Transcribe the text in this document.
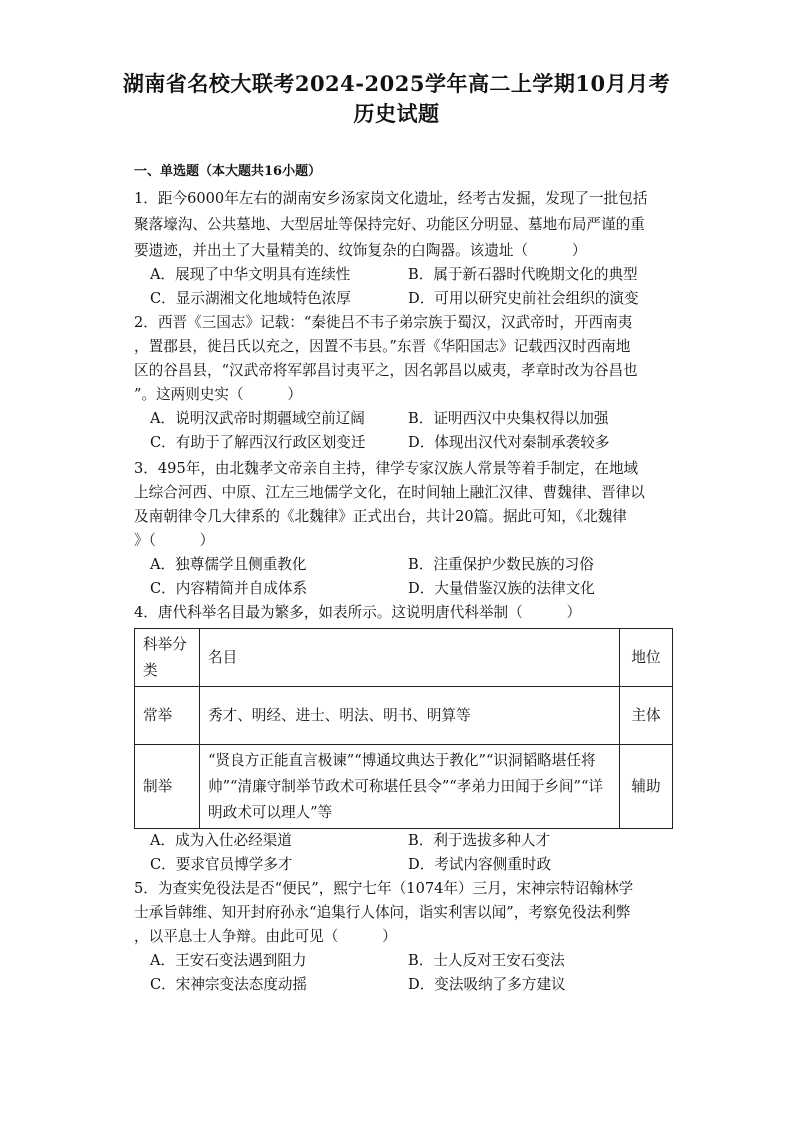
湖南省名校大联考2024-2025学年高二上学期10月月考
历史试题
一、单选题（本大题共16小题）
1．距今6000年左右的湖南安乡汤家岗文化遗址，经考古发掘，发现了一批包括
聚落壕沟、公共墓地、大型居址等保持完好、功能区分明显、墓地布局严谨的重
要遗迹，并出土了大量精美的、纹饰复杂的白陶器。该遗址（　　　）
A．展现了中华文明具有连续性	B．属于新石器时代晚期文化的典型
C．显示湖湘文化地域特色浓厚	D．可用以研究史前社会组织的演变
2．西晋《三国志》记载：“秦徙吕不韦子弟宗族于蜀汉，汉武帝时，开西南夷
，置郡县，徙吕氏以充之，因置不韦县。”东晋《华阳国志》记载西汉时西南地
区的谷昌县，“汉武帝将军郭昌讨夷平之，因名郭昌以威夷，孝章时改为谷昌也
”。这两则史实（　　　）
A．说明汉武帝时期疆域空前辽阔	B．证明西汉中央集权得以加强
C．有助于了解西汉行政区划变迁	D．体现出汉代对秦制承袭较多
3．495年，由北魏孝文帝亲自主持，律学专家汉族人常景等着手制定，在地域
上综合河西、中原、江左三地儒学文化，在时间轴上融汇汉律、曹魏律、晋律以
及南朝律令几大律系的《北魏律》正式出台，共计20篇。据此可知，《北魏律
》（　　　）
A．独尊儒学且侧重教化	B．注重保护少数民族的习俗
C．内容精简并自成体系	D．大量借鉴汉族的法律文化
4．唐代科举名目最为繁多，如表所示。这说明唐代科举制（　　　）
科举分类	名目	地位
常举	秀才、明经、进士、明法、明书、明算等	主体
制举	“贤良方正能直言极谏”“博通坟典达于教化”“识洞韬略堪任将帅”“清廉守制举节政术可称堪任县令”“孝弟力田闻于乡间”“详明政术可以理人”等	辅助
A．成为入仕必经渠道	B．利于选拔多种人才
C．要求官员博学多才	D．考试内容侧重时政
5．为查实免役法是否“便民”，熙宁七年（1074年）三月，宋神宗特诏翰林学
士承旨韩维、知开封府孙永“追集行人体问，诣实利害以闻”，考察免役法利弊
，以平息士人争辩。由此可见（　　　）
A．王安石变法遇到阻力	B．士人反对王安石变法
C．宋神宗变法态度动摇	D．变法吸纳了多方建议
